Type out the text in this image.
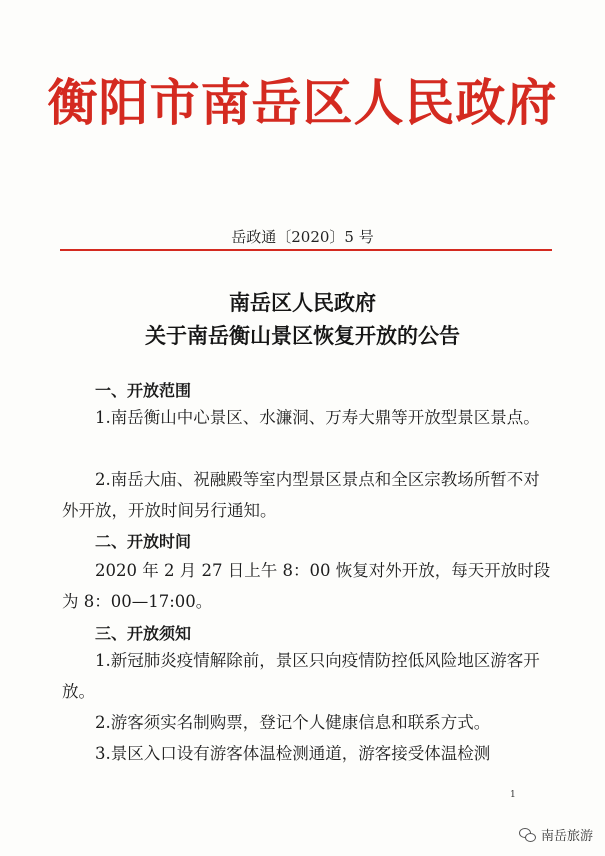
衡阳市南岳区人民政府
岳政通〔2020〕5 号
南岳区人民政府
关于南岳衡山景区恢复开放的公告
一、开放范围
1.南岳衡山中心景区、水濂洞、万寿大鼎等开放型景区景点。
2.南岳大庙、祝融殿等室内型景区景点和全区宗教场所暂不对外开放，开放时间另行通知。
二、开放时间
2020 年 2 月 27 日上午 8：00 恢复对外开放，每天开放时段为 8：00—17:00。
三、开放须知
1.新冠肺炎疫情解除前，景区只向疫情防控低风险地区游客开放。
2.游客须实名制购票，登记个人健康信息和联系方式。
3.景区入口设有游客体温检测通道，游客接受体温检测
1
南岳旅游
